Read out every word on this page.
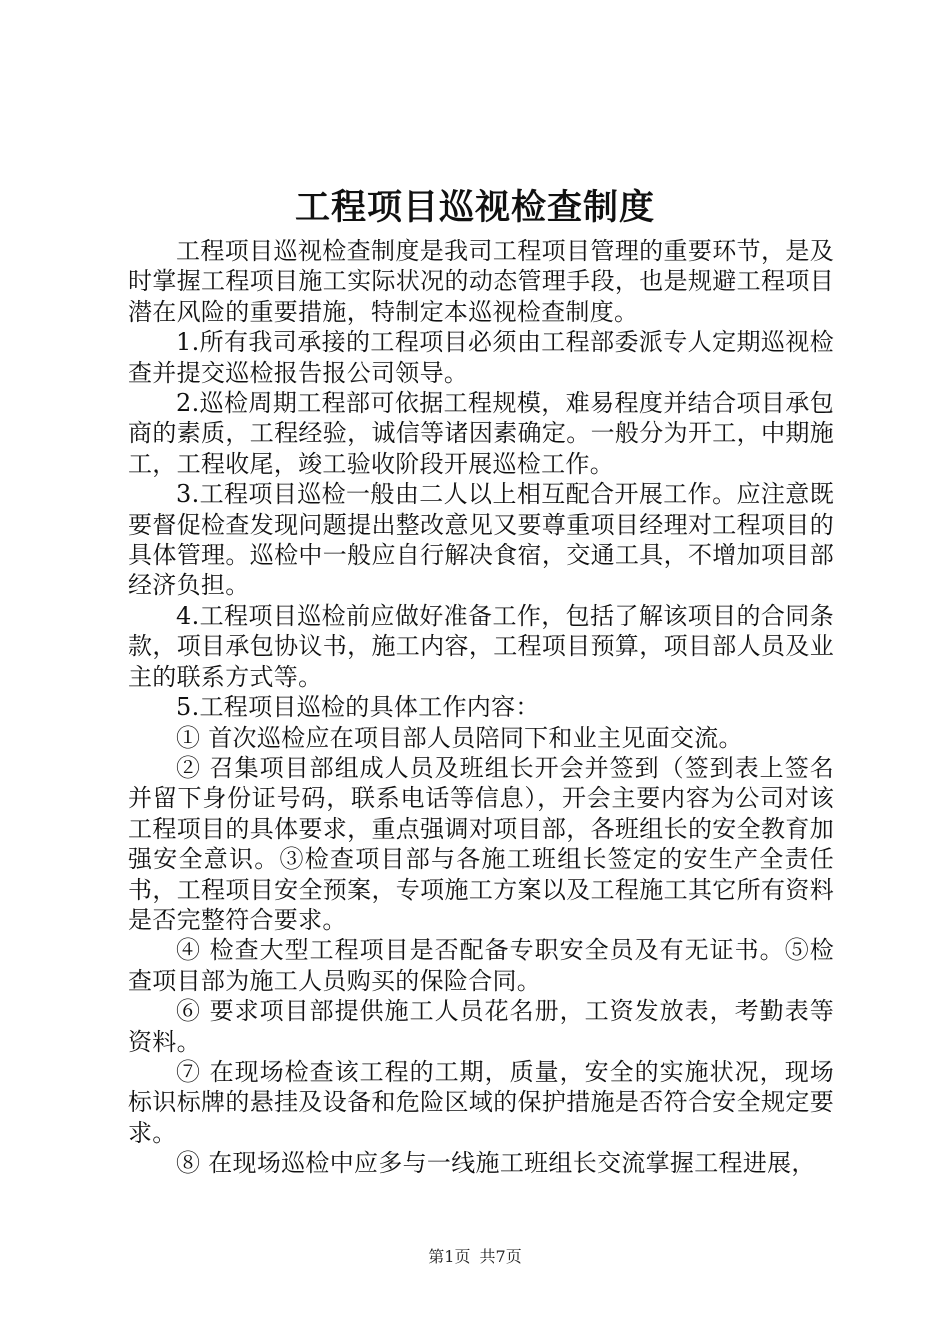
工程项目巡视检查制度

工程项目巡视检查制度是我司工程项目管理的重要环节，是及时掌握工程项目施工实际状况的动态管理手段，也是规避工程项目潜在风险的重要措施，特制定本巡视检查制度。

1.所有我司承接的工程项目必须由工程部委派专人定期巡视检查并提交巡检报告报公司领导。

2.巡检周期工程部可依据工程规模，难易程度并结合项目承包商的素质，工程经验，诚信等诸因素确定。一般分为开工，中期施工，工程收尾，竣工验收阶段开展巡检工作。

3.工程项目巡检一般由二人以上相互配合开展工作。应注意既要督促检查发现问题提出整改意见又要尊重项目经理对工程项目的具体管理。巡检中一般应自行解决食宿，交通工具，不增加项目部经济负担。

4.工程项目巡检前应做好准备工作，包括了解该项目的合同条款，项目承包协议书，施工内容，工程项目预算，项目部人员及业主的联系方式等。

5.工程项目巡检的具体工作内容：

① 首次巡检应在项目部人员陪同下和业主见面交流。

② 召集项目部组成人员及班组长开会并签到（签到表上签名并留下身份证号码，联系电话等信息），开会主要内容为公司对该工程项目的具体要求，重点强调对项目部，各班组长的安全教育加强安全意识。③检查项目部与各施工班组长签定的安生产全责任书，工程项目安全预案，专项施工方案以及工程施工其它所有资料是否完整符合要求。

④ 检查大型工程项目是否配备专职安全员及有无证书。⑤检查项目部为施工人员购买的保险合同。

⑥ 要求项目部提供施工人员花名册，工资发放表，考勤表等资料。

⑦ 在现场检查该工程的工期，质量，安全的实施状况，现场标识标牌的悬挂及设备和危险区域的保护措施是否符合安全规定要求。

⑧ 在现场巡检中应多与一线施工班组长交流掌握工程进展，

第1页 共7页
